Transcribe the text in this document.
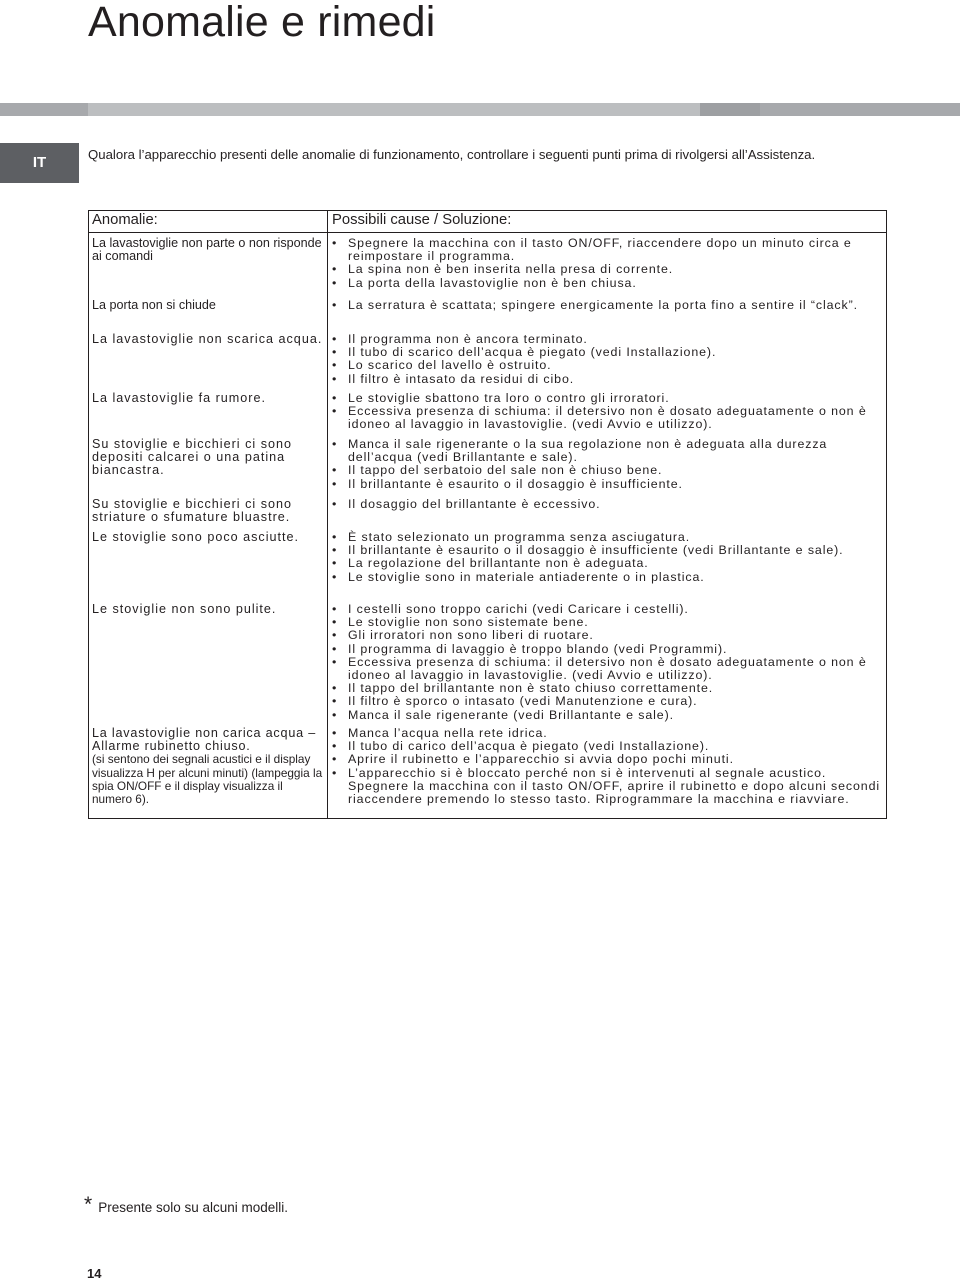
Anomalie e rimedi
IT	Qualora l’apparecchio presenti delle anomalie di funzionamento, controllare i seguenti punti prima di rivolgersi all’Assistenza.

Anomalie:	Possibili cause / Soluzione:
La lavastoviglie non parte o non risponde ai comandi
• Spegnere la macchina con il tasto ON/OFF, riaccendere dopo un minuto circa e reimpostare il programma.
• La spina non è ben inserita nella presa di corrente.
• La porta della lavastoviglie non è ben chiusa.
La porta non si chiude	• La serratura è scattata; spingere energicamente la porta fino a sentire il “clack”.
La lavastoviglie non scarica acqua. • Il programma non è ancora terminato.
• Il tubo di scarico dell’acqua è piegato (vedi Installazione).
• Lo scarico del lavello è ostruito.
• Il filtro è intasato da residui di cibo.
La lavastoviglie fa rumore.	• Le stoviglie sbattono tra loro o contro gli irroratori.
• Eccessiva presenza di schiuma: il detersivo non è dosato adeguatamente o non è idoneo al lavaggio in lavastoviglie. (vedi Avvio e utilizzo).
Su stoviglie e bicchieri ci sono depositi calcarei o una patina biancastra.
• Manca il sale rigenerante o la sua regolazione non è adeguata alla durezza dell’acqua (vedi Brillantante e sale).
• Il tappo del serbatoio del sale non è chiuso bene.
• Il brillantante è esaurito o il dosaggio è insufficiente.
Su stoviglie e bicchieri ci sono striature o sfumature bluastre.
• Il dosaggio del brillantante è eccessivo.
Le stoviglie sono poco asciutte.	• È stato selezionato un programma senza asciugatura.
• Il brillantante è esaurito o il dosaggio è insufficiente (vedi Brillantante e sale).
• La regolazione del brillantante non è adeguata.
• Le stoviglie sono in materiale antiaderente o in plastica.
Le stoviglie non sono pulite.	• I cestelli sono troppo carichi (vedi Caricare i cestelli).
• Le stoviglie non sono sistemate bene.
• Gli irroratori non sono liberi di ruotare.
• Il programma di lavaggio è troppo blando (vedi Programmi).
• Eccessiva presenza di schiuma: il detersivo non è dosato adeguatamente o non è idoneo al lavaggio in lavastoviglie. (vedi Avvio e utilizzo).
• Il tappo del brillantante non è stato chiuso correttamente.
• Il filtro è sporco o intasato (vedi Manutenzione e cura).
• Manca il sale rigenerante (vedi Brillantante e sale).
La lavastoviglie non carica acqua – Allarme rubinetto chiuso.
(si sentono dei segnali acustici e il display visualizza H per alcuni minuti) (lampeggia la spia ON/OFF e il display visualizza il numero 6).
• Manca l’acqua nella rete idrica.
• Il tubo di carico dell’acqua è piegato (vedi Installazione).
• Aprire il rubinetto e l’apparecchio si avvia dopo pochi minuti.
• L’apparecchio si è bloccato perché non si è intervenuti al segnale acustico.
Spegnere la macchina con il tasto ON/OFF, aprire il rubinetto e dopo alcuni secondi riaccendere premendo lo stesso tasto. Riprogrammare la macchina e riavviare.
* Presente solo su alcuni modelli.
14
